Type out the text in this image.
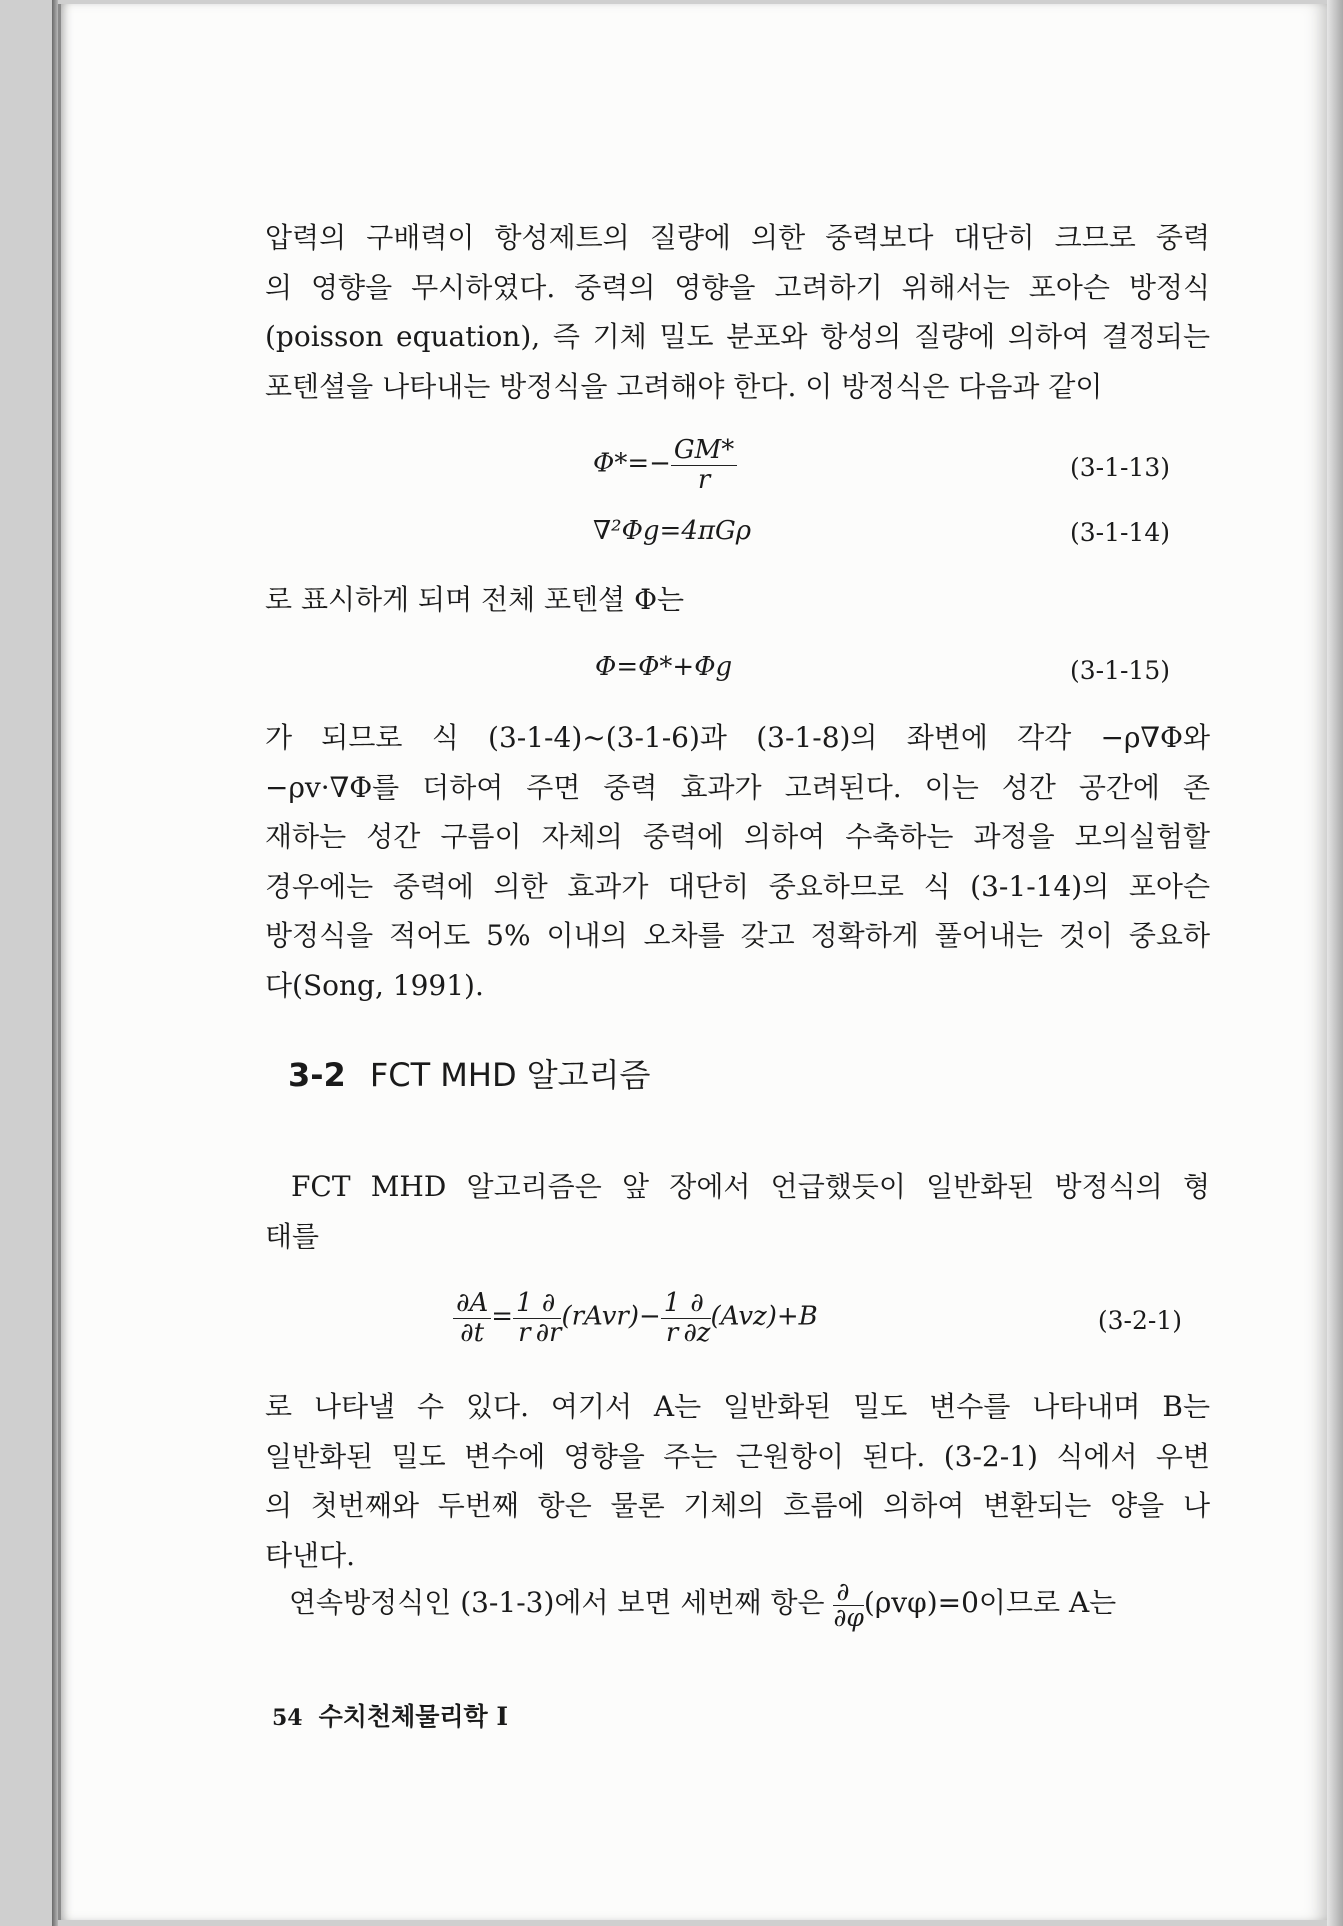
압력의 구배력이 항성제트의 질량에 의한 중력보다 대단히 크므로 중력
의 영향을 무시하였다. 중력의 영향을 고려하기 위해서는 포아슨 방정식
(poisson equation), 즉 기체 밀도 분포와 항성의 질량에 의하여 결정되는
포텐셜을 나타내는 방정식을 고려해야 한다. 이 방정식은 다음과 같이
$\Phi*=- \frac{GM*}{r}$	(3-1-13)
∇²Φg=4πGρ	(3-1-14)
로 표시하게 되며 전체 포텐셜 Φ는
Φ=Φ*+Φg	(3-1-15)
가 되므로 식 (3-1-4)~(3-1-6)과 (3-1-8)의 좌변에 각각 −ρ∇Φ와
−ρv·∇Φ를 더하여 주면 중력 효과가 고려된다. 이는 성간 공간에 존
재하는 성간 구름이 자체의 중력에 의하여 수축하는 과정을 모의실험할
경우에는 중력에 의한 효과가 대단히 중요하므로 식 (3-1-14)의 포아슨
방정식을 적어도 5% 이내의 오차를 갖고 정확하게 풀어내는 것이 중요하
다(Song, 1991).
3-2 FCT MHD 알고리즘
FCT MHD 알고리즘은 앞 장에서 언급했듯이 일반화된 방정식의 형
태를
$\frac{\partial A}{\partial t} = \frac{1}{r} \frac{\partial}{\partial r}$ (rAvr)− $\frac{1}{r} \frac{\partial}{\partial z} (Avz)+B$	(3-2-1)
로 나타낼 수 있다. 여기서 A는 일반화된 밀도 변수를 나타내며 B는
일반화된 밀도 변수에 영향을 주는 근원항이 된다. (3-2-1) 식에서 우변
의 첫번째와 두번째 항은 물론 기체의 흐름에 의하여 변환되는 양을 나
타낸다.
연속방정식인 (3-1-3)에서 보면 세번째 항은 $\frac{\partial}{\partial\varphi} (\rho v\varphi)=0$이므로 A는
54 수치천체물리학 I
